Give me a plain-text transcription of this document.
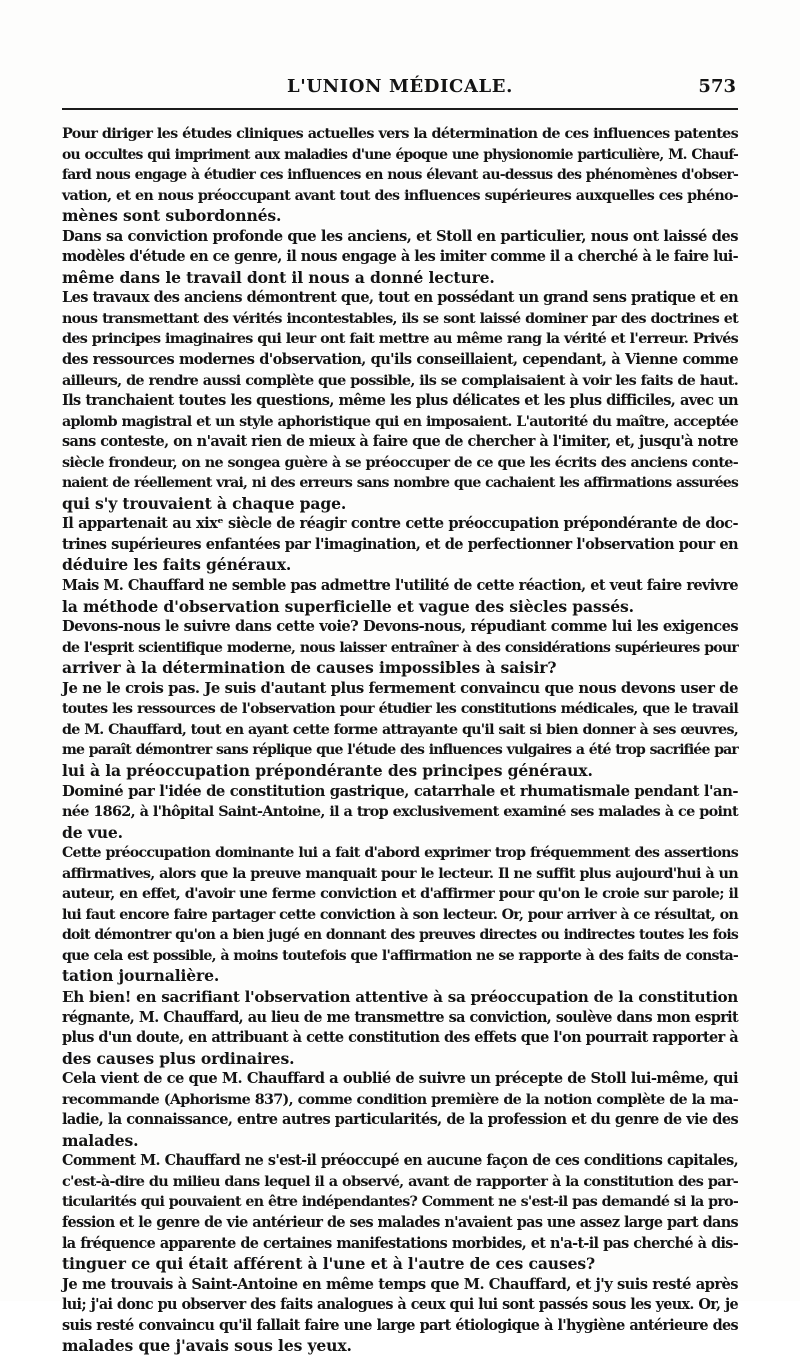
L'UNION MÉDICALE.	573

Pour diriger les études cliniques actuelles vers la détermination de ces influences patentes
ou occultes qui impriment aux maladies d'une époque une physionomie particulière, M. Chauf-
fard nous engage à étudier ces influences en nous élevant au-dessus des phénomènes d'obser-
vation, et en nous préoccupant avant tout des influences supérieures auxquelles ces phéno-
mènes sont subordonnés.

Dans sa conviction profonde que les anciens, et Stoll en particulier, nous ont laissé des
modèles d'étude en ce genre, il nous engage à les imiter comme il a cherché à le faire lui-
même dans le travail dont il nous a donné lecture.

Les travaux des anciens démontrent que, tout en possédant un grand sens pratique et en
nous transmettant des vérités incontestables, ils se sont laissé dominer par des doctrines et
des principes imaginaires qui leur ont fait mettre au même rang la vérité et l'erreur. Privés
des ressources modernes d'observation, qu'ils conseillaient, cependant, à Vienne comme
ailleurs, de rendre aussi complète que possible, ils se complaisaient à voir les faits de haut.
Ils tranchaient toutes les questions, même les plus délicates et les plus difficiles, avec un
aplomb magistral et un style aphoristique qui en imposaient. L'autorité du maître, acceptée
sans conteste, on n'avait rien de mieux à faire que de chercher à l'imiter, et, jusqu'à notre
siècle frondeur, on ne songea guère à se préoccuper de ce que les écrits des anciens conte-
naient de réellement vrai, ni des erreurs sans nombre que cachaient les affirmations assurées
qui s'y trouvaient à chaque page.

Il appartenait au xixᵉ siècle de réagir contre cette préoccupation prépondérante de doc-
trines supérieures enfantées par l'imagination, et de perfectionner l'observation pour en
déduire les faits généraux.

Mais M. Chauffard ne semble pas admettre l'utilité de cette réaction, et veut faire revivre
la méthode d'observation superficielle et vague des siècles passés.

Devons-nous le suivre dans cette voie? Devons-nous, répudiant comme lui les exigences
de l'esprit scientifique moderne, nous laisser entraîner à des considérations supérieures pour
arriver à la détermination de causes impossibles à saisir?

Je ne le crois pas. Je suis d'autant plus fermement convaincu que nous devons user de
toutes les ressources de l'observation pour étudier les constitutions médicales, que le travail
de M. Chauffard, tout en ayant cette forme attrayante qu'il sait si bien donner à ses œuvres,
me paraît démontrer sans réplique que l'étude des influences vulgaires a été trop sacrifiée par
lui à la préoccupation prépondérante des principes généraux.

Dominé par l'idée de constitution gastrique, catarrhale et rhumatismale pendant l'an-
née 1862, à l'hôpital Saint-Antoine, il a trop exclusivement examiné ses malades à ce point
de vue.

Cette préoccupation dominante lui a fait d'abord exprimer trop fréquemment des assertions
affirmatives, alors que la preuve manquait pour le lecteur. Il ne suffit plus aujourd'hui à un
auteur, en effet, d'avoir une ferme conviction et d'affirmer pour qu'on le croie sur parole; il
lui faut encore faire partager cette conviction à son lecteur. Or, pour arriver à ce résultat, on
doit démontrer qu'on a bien jugé en donnant des preuves directes ou indirectes toutes les fois
que cela est possible, à moins toutefois que l'affirmation ne se rapporte à des faits de consta-
tation journalière.

Eh bien! en sacrifiant l'observation attentive à sa préoccupation de la constitution
régnante, M. Chauffard, au lieu de me transmettre sa conviction, soulève dans mon esprit
plus d'un doute, en attribuant à cette constitution des effets que l'on pourrait rapporter à
des causes plus ordinaires.

Cela vient de ce que M. Chauffard a oublié de suivre un précepte de Stoll lui-même, qui
recommande (Aphorisme 837), comme condition première de la notion complète de la ma-
ladie, la connaissance, entre autres particularités, de la profession et du genre de vie des
malades.

Comment M. Chauffard ne s'est-il préoccupé en aucune façon de ces conditions capitales,
c'est-à-dire du milieu dans lequel il a observé, avant de rapporter à la constitution des par-
ticularités qui pouvaient en être indépendantes? Comment ne s'est-il pas demandé si la pro-
fession et le genre de vie antérieur de ses malades n'avaient pas une assez large part dans
la fréquence apparente de certaines manifestations morbides, et n'a-t-il pas cherché à dis-
tinguer ce qui était afférent à l'une et à l'autre de ces causes?

Je me trouvais à Saint-Antoine en même temps que M. Chauffard, et j'y suis resté après
lui; j'ai donc pu observer des faits analogues à ceux qui lui sont passés sous les yeux. Or, je
suis resté convaincu qu'il fallait faire une large part étiologique à l'hygiène antérieure des
malades que j'avais sous les yeux.
